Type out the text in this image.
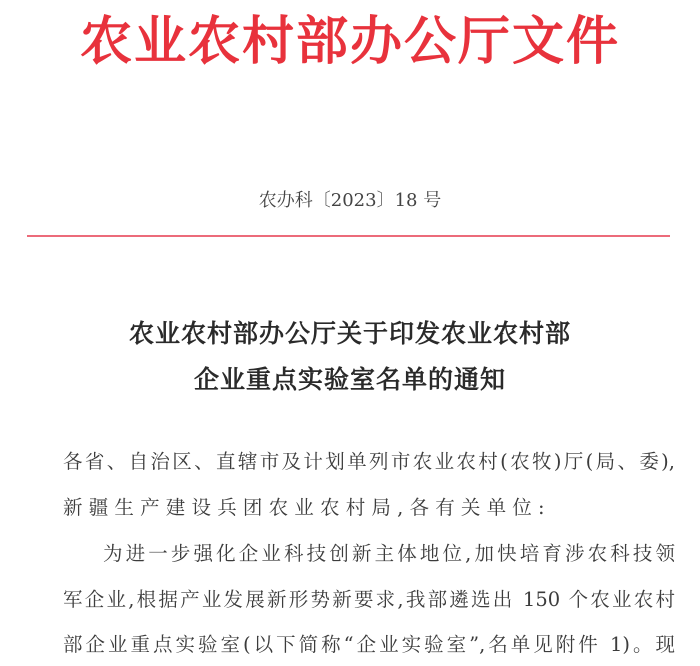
农业农村部办公厅文件
农办科〔2023〕18 号
农业农村部办公厅关于印发农业农村部
企业重点实验室名单的通知
各省、自治区、直辖市及计划单列市农业农村(农牧)厅(局、委),
新疆生产建设兵团农业农村局,各有关单位:
为进一步强化企业科技创新主体地位,加快培育涉农科技领
军企业,根据产业发展新形势新要求,我部遴选出 150 个农业农村
部企业重点实验室(以下简称“企业实验室”,名单见附件 1)。现
